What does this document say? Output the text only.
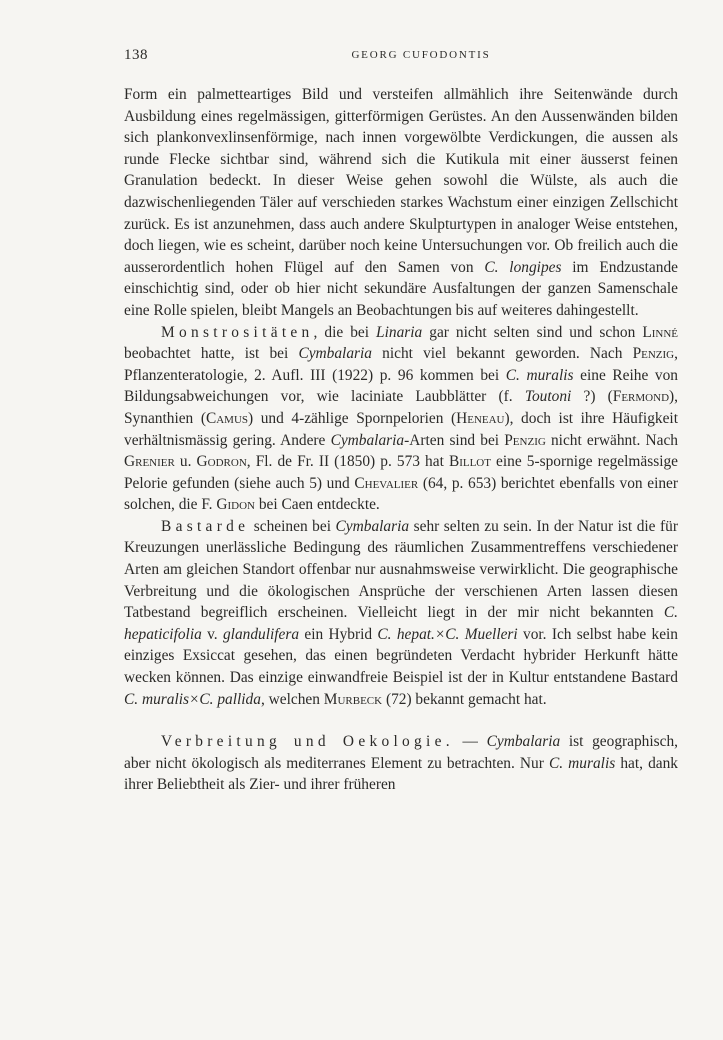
138	GEORG CUFODONTIS

Form ein palmetteartiges Bild und versteifen allmählich ihre Seitenwände durch Ausbildung eines regelmässigen, gitterförmigen Gerüstes. An den Aussenwänden bilden sich plankonvexlinsenförmige, nach innen vorgewölbte Verdickungen, die aussen als runde Flecke sichtbar sind, während sich die Kutikula mit einer äusserst feinen Granulation bedeckt. In dieser Weise gehen sowohl die Wülste, als auch die dazwischenliegenden Täler auf verschieden starkes Wachstum einer einzigen Zellschicht zurück. Es ist anzunehmen, dass auch andere Skulpturtypen in analoger Weise entstehen, doch liegen, wie es scheint, darüber noch keine Untersuchungen vor. Ob freilich auch die ausserordentlich hohen Flügel auf den Samen von C. longipes im Endzustande einschichtig sind, oder ob hier nicht sekundäre Ausfaltungen der ganzen Samenschale eine Rolle spielen, bleibt Mangels an Beobachtungen bis auf weiteres dahingestellt.

Monstrositäten, die bei Linaria gar nicht selten sind und schon Linné beobachtet hatte, ist bei Cymbalaria nicht viel bekannt geworden. Nach Penzig, Pflanzenteratologie, 2. Aufl. III (1922) p. 96 kommen bei C. muralis eine Reihe von Bildungsabweichungen vor, wie laciniate Laubblätter (f. Toutoni ?) (Fermond), Synanthien (Camus) und 4-zählige Spornpelorien (Heneau), doch ist ihre Häufigkeit verhältnismässig gering. Andere Cymbalaria-Arten sind bei Penzig nicht erwähnt. Nach Grenier u. Godron, Fl. de Fr. II (1850) p. 573 hat Billot eine 5-spornige regelmässige Pelorie gefunden (siehe auch 5) und Chevalier (64, p. 653) berichtet ebenfalls von einer solchen, die F. Gidon bei Caen entdeckte.

Bastarde scheinen bei Cymbalaria sehr selten zu sein. In der Natur ist die für Kreuzungen unerlässliche Bedingung des räumlichen Zusammentreffens verschiedener Arten am gleichen Standort offenbar nur ausnahmsweise verwirklicht. Die geographische Verbreitung und die ökologischen Ansprüche der verschienen Arten lassen diesen Tatbestand begreiflich erscheinen. Vielleicht liegt in der mir nicht bekannten C. hepaticifolia v. glandulifera ein Hybrid C. hepat.×C. Muelleri vor. Ich selbst habe kein einziges Exsiccat gesehen, das einen begründeten Verdacht hybrider Herkunft hätte wecken können. Das einzige einwandfreie Beispiel ist der in Kultur entstandene Bastard C. muralis×C. pallida, welchen Murbeck (72) bekannt gemacht hat.

Verbreitung und Oekologie. — Cymbalaria ist geographisch, aber nicht ökologisch als mediterranes Element zu betrachten. Nur C. muralis hat, dank ihrer Beliebtheit als Zier- und ihrer früheren
